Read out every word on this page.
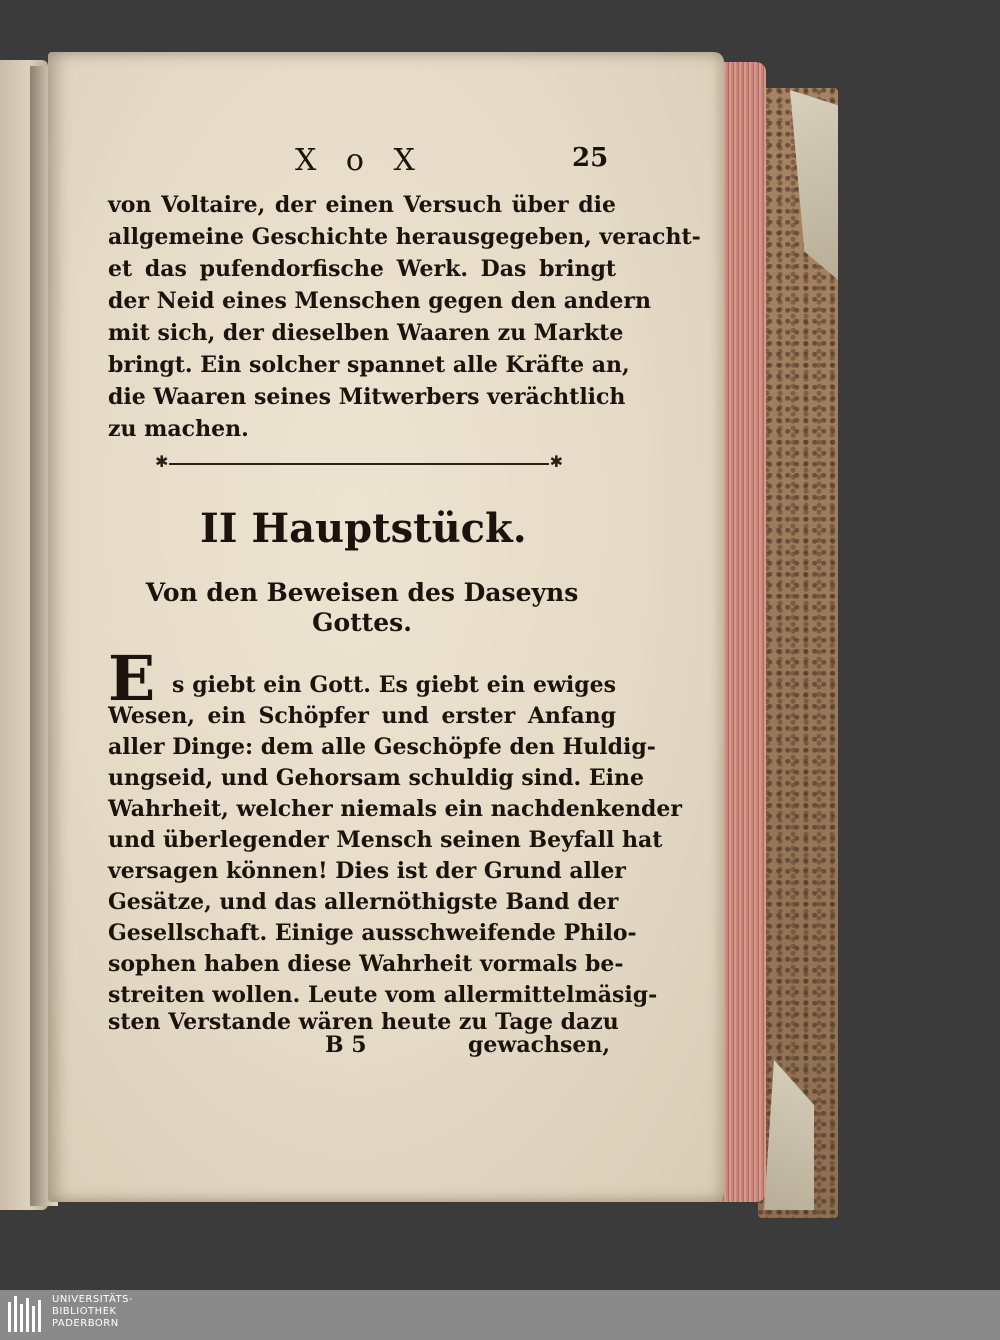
X o X	25
von Voltaire, der einen Versuch über die
allgemeine Geschichte herausgegeben, veracht-
et das pufendorfische Werk. Das bringt
der Neid eines Menschen gegen den andern
mit sich, der dieselben Waaren zu Markte
bringt. Ein solcher spannet alle Kräfte an,
die Waaren seines Mitwerbers verächtlich
zu machen.
✱	✱
II Hauptstück.
Von den Beweisen des Daseyns
Gottes.
E s giebt ein Gott. Es giebt ein ewiges
Wesen, ein Schöpfer und erster Anfang
aller Dinge: dem alle Geschöpfe den Huldig-
ungseid, und Gehorsam schuldig sind. Eine
Wahrheit, welcher niemals ein nachdenkender
und überlegender Mensch seinen Beyfall hat
versagen können! Dies ist der Grund aller
Gesätze, und das allernöthigste Band der
Gesellschaft. Einige ausschweifende Philo-
sophen haben diese Wahrheit vormals be-
streiten wollen. Leute vom allermittelmäsig-
sten Verstande wären heute zu Tage dazu
B 5	gewachsen,
UNIVERSITÄTS-
BIBLIOTHEK
PADERBORN
